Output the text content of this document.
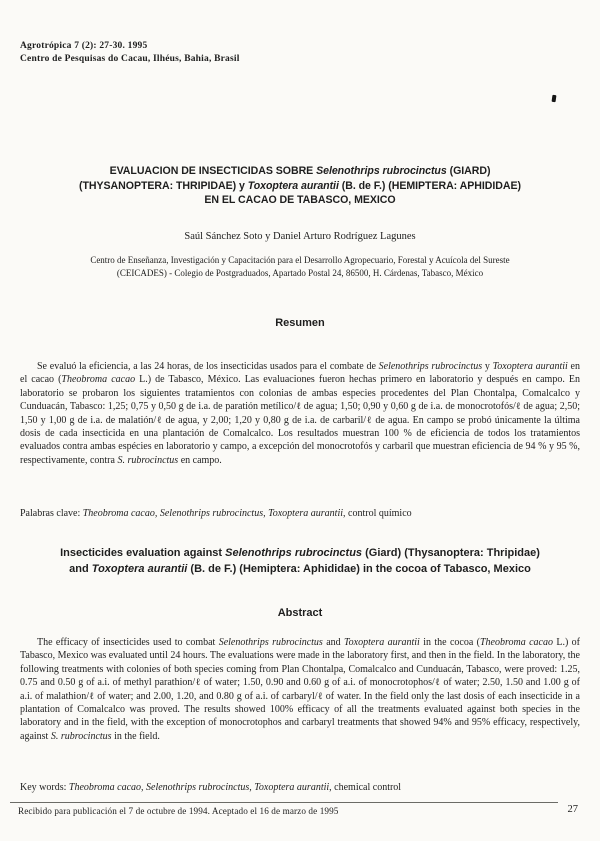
Agrotrópica 7 (2): 27-30. 1995
Centro de Pesquisas do Cacau, Ilhéus, Bahia, Brasil
EVALUACION DE INSECTICIDAS SOBRE Selenothrips rubrocinctus (GIARD)
(THYSANOPTERA: THRIPIDAE) y Toxoptera aurantii (B. de F.) (HEMIPTERA: APHIDIDAE)
EN EL CACAO DE TABASCO, MEXICO
Saúl Sánchez Soto y Daniel Arturo Rodríguez Lagunes
Centro de Enseñanza, Investigación y Capacitación para el Desarrollo Agropecuario, Forestal y Acuícola del Sureste
(CEICADES) - Colegio de Postgraduados, Apartado Postal 24, 86500, H. Cárdenas, Tabasco, México
Resumen
Se evaluó la eficiencia, a las 24 horas, de los insecticidas usados para el combate de Selenothrips rubrocinctus y Toxoptera aurantii en el cacao (Theobroma cacao L.) de Tabasco, México. Las evaluaciones fueron hechas primero en laboratorio y después en campo. En laboratorio se probaron los siguientes tratamientos con colonias de ambas especies procedentes del Plan Chontalpa, Comalcalco y Cunduacán, Tabasco: 1,25; 0,75 y 0,50 g de i.a. de paratión metílico/ℓ de agua; 1,50; 0,90 y 0,60 g de i.a. de monocrotofós/ℓ de agua; 2,50; 1,50 y 1,00 g de i.a. de malatión/ℓ de agua, y 2,00; 1,20 y 0,80 g de i.a. de carbaril/ℓ de agua. En campo se probó únicamente la última dosis de cada insecticida en una plantación de Comalcalco. Los resultados muestran 100 % de eficiencia de todos los tratamientos evaluados contra ambas espécies en laboratorio y campo, a excepción del monocrotofós y carbaril que muestran eficiencia de 94 % y 95 %, respectivamente, contra S. rubrocinctus en campo.
Palabras clave: Theobroma cacao, Selenothrips rubrocinctus, Toxoptera aurantii, control químico
Insecticides evaluation against Selenothrips rubrocinctus (Giard) (Thysanoptera: Thripidae)
and Toxoptera aurantii (B. de F.) (Hemiptera: Aphididae) in the cocoa of Tabasco, Mexico
Abstract
The efficacy of insecticides used to combat Selenothrips rubrocinctus and Toxoptera aurantii in the cocoa (Theobroma cacao L.) of Tabasco, Mexico was evaluated until 24 hours. The evaluations were made in the laboratory first, and then in the field. In the laboratory, the following treatments with colonies of both species coming from Plan Chontalpa, Comalcalco and Cunduacán, Tabasco, were proved: 1.25, 0.75 and 0.50 g of a.i. of methyl parathion/ℓ of water; 1.50, 0.90 and 0.60 g of a.i. of monocrotophos/ℓ of water; 2.50, 1.50 and 1.00 g of a.i. of malathion/ℓ of water; and 2.00, 1.20, and 0.80 g of a.i. of carbaryl/ℓ of water. In the field only the last dosis of each insecticide in a plantation of Comalcalco was proved. The results showed 100% efficacy of all the treatments evaluated against both species in the laboratory and in the field, with the exception of monocrotophos and carbaryl treatments that showed 94% and 95% efficacy, respectively, against S. rubrocinctus in the field.
Key words: Theobroma cacao, Selenothrips rubrocinctus, Toxoptera aurantii, chemical control
Recibido para publicación el 7 de octubre de 1994. Aceptado el 16 de marzo de 1995	27
